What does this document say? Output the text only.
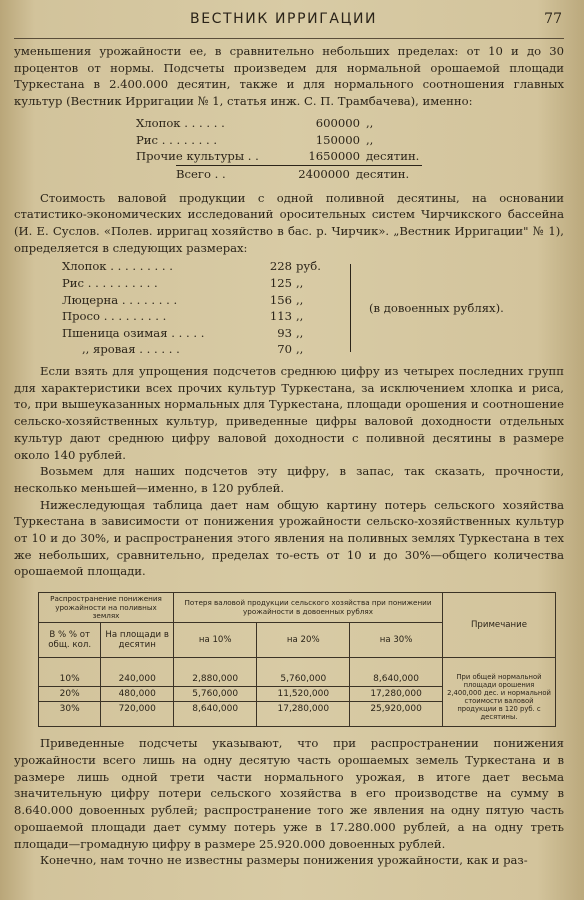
ВЕСТНИК ИРРИГАЦИИ	77

уменьшения урожайности ее, в сравнительно небольших пределах: от 10 и до 30 процентов от нормы. Подсчеты произведем для нормальной орошаемой площади Туркестана в 2.400.000 десятин, также и для нормального соотношения главных культур (Вестник Ирригации № 1, статья инж. С. П. Трамбачева), именно:

Хлопок . . . . . .	600000 ,,
Рис . . . . . . . .	150000 ,,
Прочие культуры . .	1650000 десятин.
Всего . .	2400000 десятин.

Стоимость валовой продукции с одной поливной десятины, на основании статистико-экономических исследований оросительных систем Чирчикского бассейна (И. Е. Суслов. «Полев. ирригац хозяйство в бас. р. Чирчик». „Вестник Ирригации" № 1), определяется в следующих размерах:

Хлопок . . . . . . . . .	228 руб.
Рис . . . . . . . . . .	125 ,,
Люцерна . . . . . . . .	156 ,,
Просо . . . . . . . . .	113 ,,
Пшеница озимая . . . . .	93 ,,
,, яровая . . . . . .	70 ,,
(в довоенных рублях).

Если взять для упрощения подсчетов среднюю цифру из четырех последних групп для характеристики всех прочих культур Туркестана, за исключением хлопка и риса, то, при вышеуказанных нормальных для Туркестана, площади орошения и соотношение сельско-хозяйственных культур, приведенные цифры валовой доходности отдельных культур дают среднюю цифру валовой доходности с поливной десятины в размере около 140 рублей.

Возьмем для наших подсчетов эту цифру, в запас, так сказать, прочности, несколько меньшей—именно, в 120 рублей.

Нижеследующая таблица дает нам общую картину потерь сельского хозяйства Туркестана в зависимости от понижения урожайности сельско-хозяйственных культур от 10 и до 30%, и распространения этого явления на поливных землях Туркестана в тех же небольших, сравнительно, пределах то-есть от 10 и до 30%—общего количества орошаемой площади.

Распространение понижения урожайности на поливных землях		Потеря валовой продукции сельского хозяйства при понижении урожайности в довоенных рублях			Примечание
В % % от общ. кол.	На площади в десятин	на 10%	на 20%	на 30%	
10%	240,000	2,880,000	5,760,000	8,640,000	При общей нормальной площади орошения 2,400,000 дес. и нормальной стоимости валовой продукции в 120 руб. с десятины.
20%	480,000	5,760,000	11,520,000	17,280,000	
30%	720,000	8,640,000	17,280,000	25,920,000	

Приведенные подсчеты указывают, что при распространении понижения урожайности всего лишь на одну десятую часть орошаемых земель Туркестана и в размере лишь одной трети части нормального урожая, в итоге дает весьма значительную цифру потери сельского хозяйства в его производстве на сумму в 8.640.000 довоенных рублей; распространение того же явления на одну пятую часть орошаемой площади дает сумму потерь уже в 17.280.000 рублей, а на одну треть площади—громадную цифру в размере 25.920.000 довоенных рублей.

Конечно, нам точно не известны размеры понижения урожайности, как и раз-
